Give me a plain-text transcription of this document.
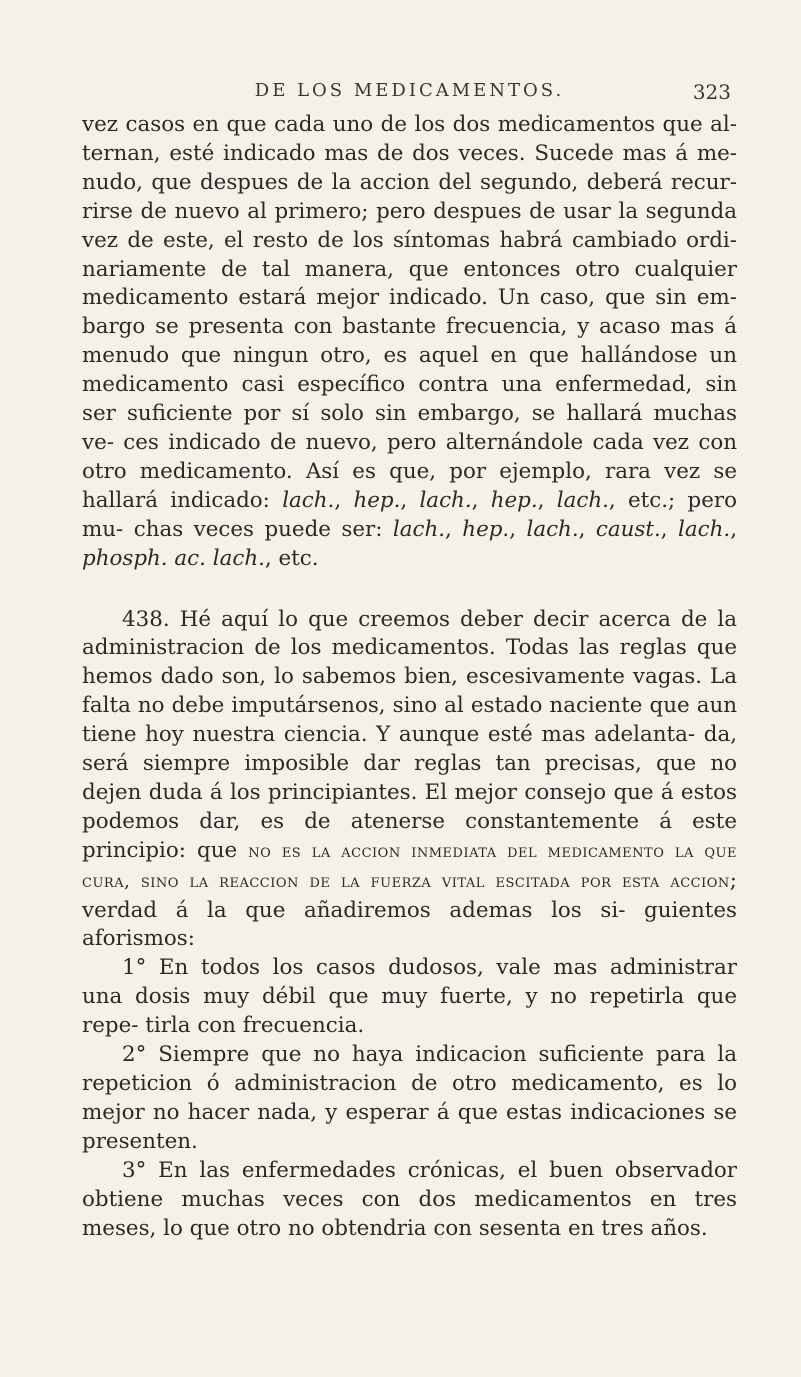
DE LOS MEDICAMENTOS.	323

vez casos en que cada uno de los dos medicamentos que al- ternan, esté indicado mas de dos veces. Sucede mas á me- nudo, que despues de la accion del segundo, deberá recur- rirse de nuevo al primero; pero despues de usar la segunda vez de este, el resto de los síntomas habrá cambiado ordi- nariamente de tal manera, que entonces otro cualquier medicamento estará mejor indicado. Un caso, que sin em- bargo se presenta con bastante frecuencia, y acaso mas á menudo que ningun otro, es aquel en que hallándose un medicamento casi específico contra una enfermedad, sin ser suficiente por sí solo sin embargo, se hallará muchas ve- ces indicado de nuevo, pero alternándole cada vez con otro medicamento. Así es que, por ejemplo, rara vez se hallará indicado: lach., hep., lach., hep., lach., etc.; pero mu- chas veces puede ser: lach., hep., lach., caust., lach., phosph. ac. lach., etc.

438. Hé aquí lo que creemos deber decir acerca de la administracion de los medicamentos. Todas las reglas que hemos dado son, lo sabemos bien, escesivamente vagas. La falta no debe imputársenos, sino al estado naciente que aun tiene hoy nuestra ciencia. Y aunque esté mas adelanta- da, será siempre imposible dar reglas tan precisas, que no dejen duda á los principiantes. El mejor consejo que á estos podemos dar, es de atenerse constantemente á este principio: que no es la accion inmediata del medicamento la que cura, sino la reaccion de la fuerza vital escitada por esta accion; verdad á la que añadiremos ademas los si- guientes aforismos:

1° En todos los casos dudosos, vale mas administrar una dosis muy débil que muy fuerte, y no repetirla que repe- tirla con frecuencia.

2° Siempre que no haya indicacion suficiente para la repeticion ó administracion de otro medicamento, es lo mejor no hacer nada, y esperar á que estas indicaciones se presenten.

3° En las enfermedades crónicas, el buen observador obtiene muchas veces con dos medicamentos en tres meses, lo que otro no obtendria con sesenta en tres años.
